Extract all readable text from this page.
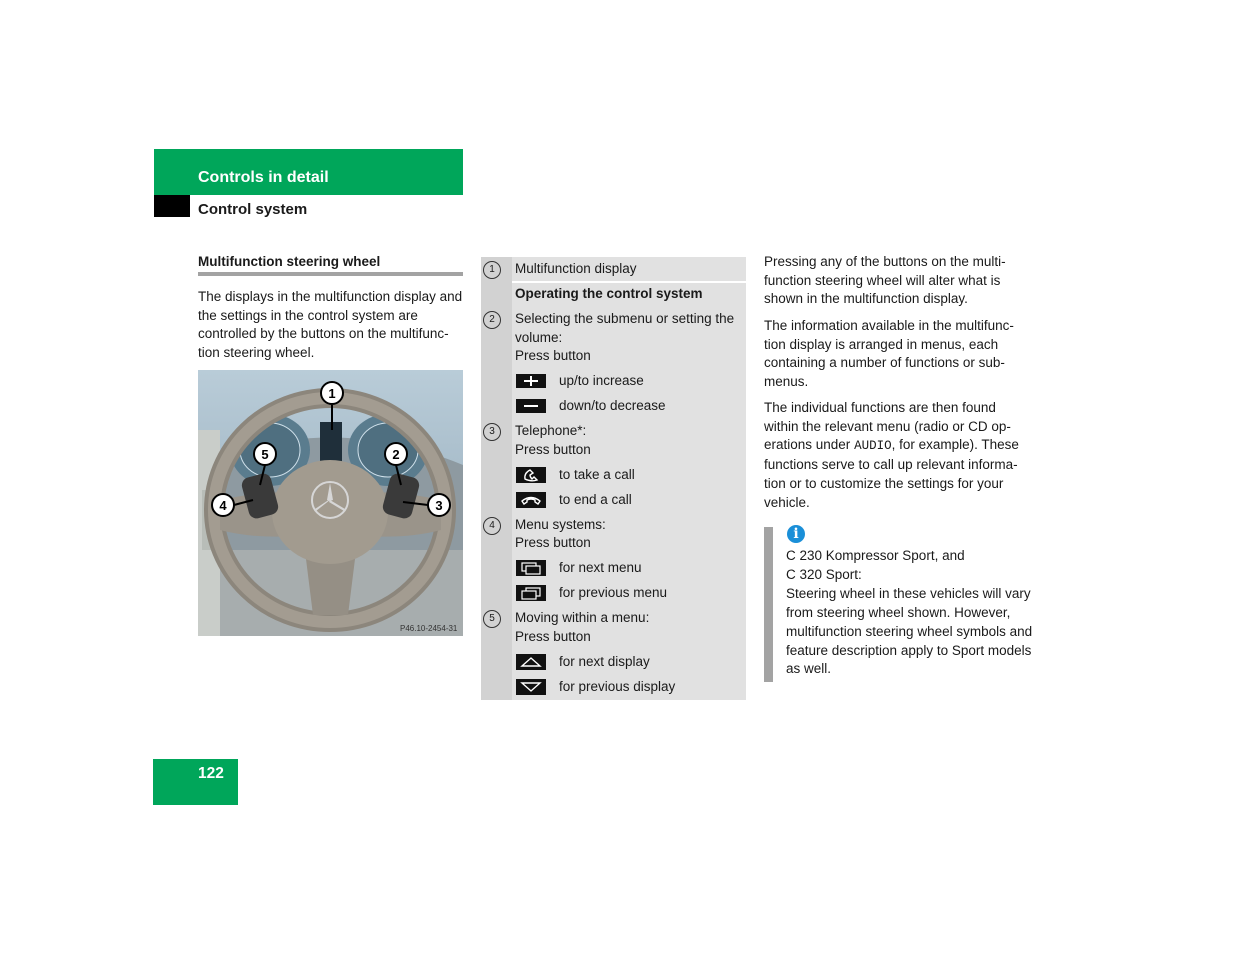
Controls in detail
Control system
Multifunction steering wheel
The displays in the multifunction display and the settings in the control system are controlled by the buttons on the multifunc-tion steering wheel.
1
2
3
4
5
P46.10-2454-31
1	Multifunction display
Operating the control system
2	Selecting the submenu or setting the volume:
Press button
up/to increase
down/to decrease
3	Telephone*:
Press button
to take a call
to end a call
4	Menu systems:
Press button
for next menu
for previous menu
5	Moving within a menu:
Press button
for next display
for previous display
Pressing any of the buttons on the multi-function steering wheel will alter what is shown in the multifunction display.
The information available in the multifunc-tion display is arranged in menus, each containing a number of functions or sub-menus.
The individual functions are then found within the relevant menu (radio or CD op-erations under AUDIO, for example). These functions serve to call up relevant informa-tion or to customize the settings for your vehicle.
i
C 230 Kompressor Sport, and
C 320 Sport:
Steering wheel in these vehicles will vary from steering wheel shown. However, multifunction steering wheel symbols and feature description apply to Sport models as well.
122
